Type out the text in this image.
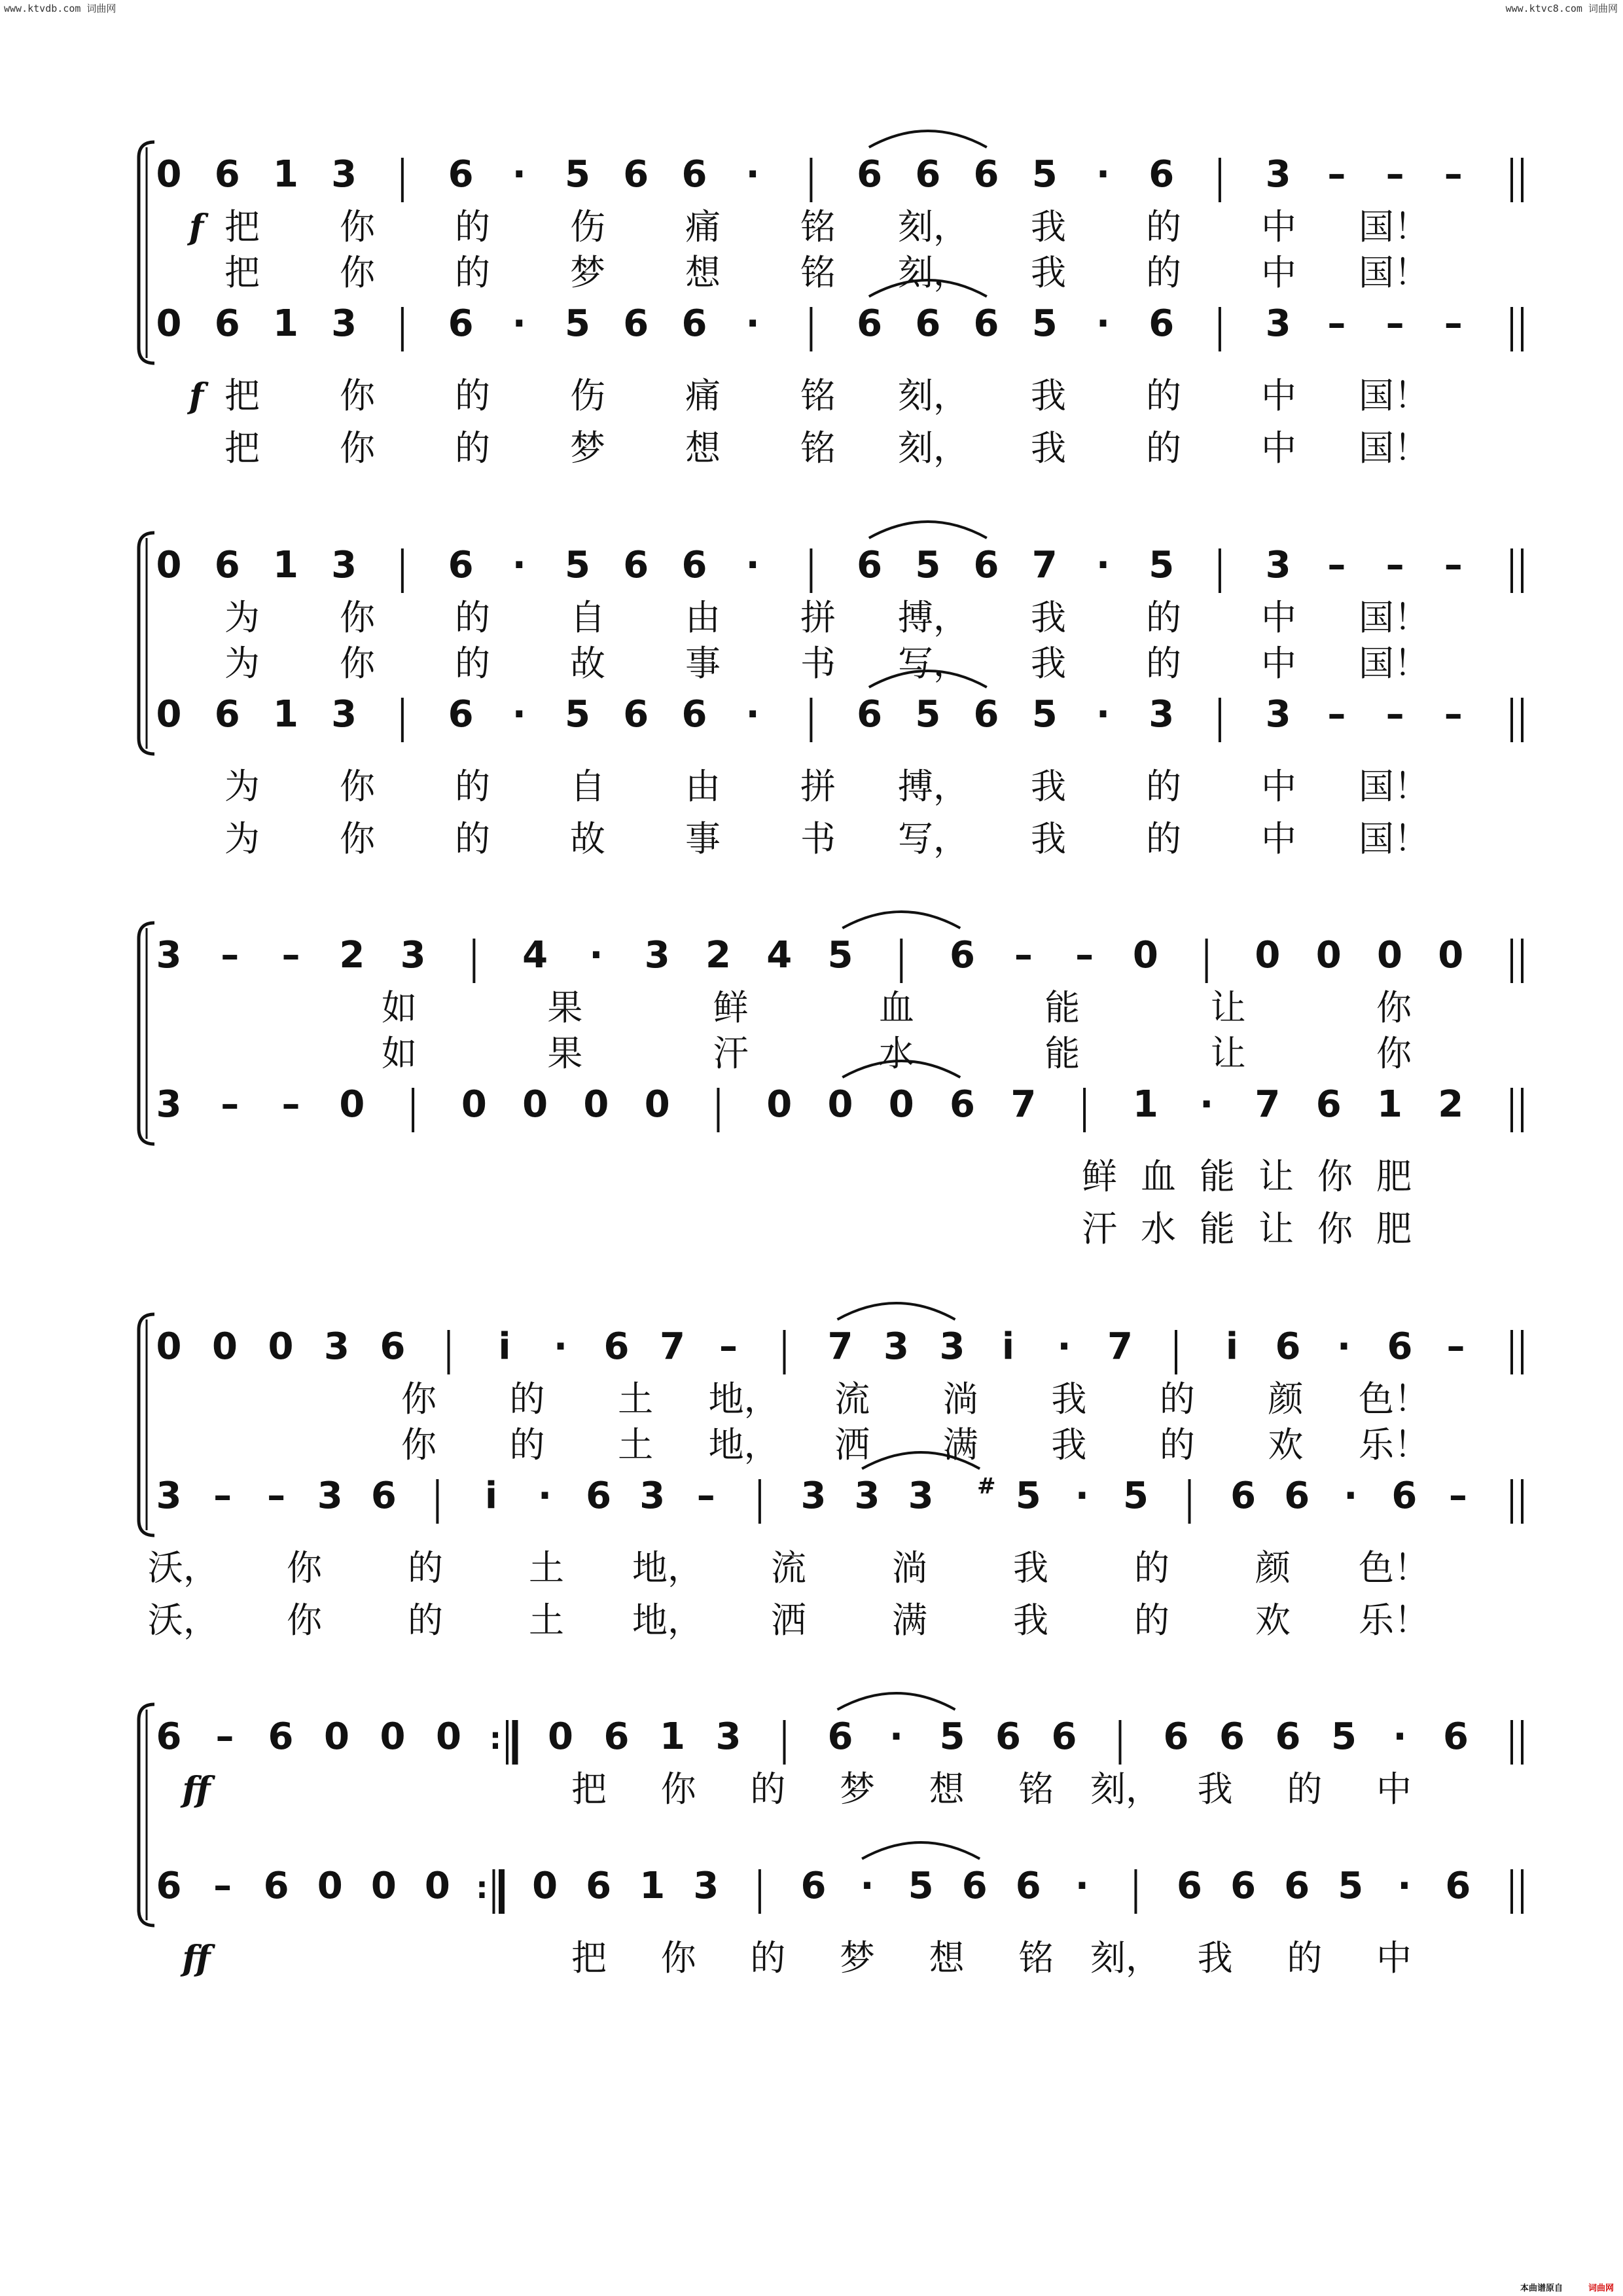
www.ktvdb.com 词曲网	www.ktvc8.com 词曲网
0 6 1 3 6 · 5 6 6 ·	6 6 6 5 · 6 3 – – –
f 把 你 的 伤 痛 铭 刻， 我 的 中 国！
把 你 的 梦 想 铭 刻， 我 的 中 国！
0 6 1 3 6 · 5 6 6 ·	6 6 6 5 · 6 3 – – –
f 把 你 的 伤 痛 铭 刻， 我 的 中 国！
把 你 的 梦 想 铭 刻， 我 的 中 国！
0 6 1 3 6 · 5 6 6 ·	6 5 6 7 · 5 3 – – –
为 你 的 自 由 拼 搏， 我 的 中 国！
为 你 的 故 事 书 写， 我 的 中 国！
0 6 1 3 6 · 5 6 6 ·	6 5 6 5 · 3 3 – – –
为 你 的 自 由 拼 搏， 我 的 中 国！
为 你 的 故 事 书 写， 我 的 中 国！
3 – – 2 3	4 · 3 2 4 5	6 – – 0	0 0 0 0
如	果	鲜	血	能	让	你
如	果	汗	水	能	让	你
3 – – 0	0 0 0 0	0 0 0 6 7	1 · 7 6 1 2
鲜 血 能 让 你 肥
汗 水 能 让 你 肥
0 0 0 3 6	i · 6 7 – 7 3 3 i · 7	i 6 · 6 –
你 的 土 地， 流 淌 我 的 颜 色！
你 的 土 地， 洒 满 我 的 欢 乐！
3 – – 3 6 i · 6 3 – 3 3 3 # 5 · 5 6 6 · 6 –
沃， 你 的 土 地， 流 淌 我 的 颜 色！
沃， 你 的 土 地， 洒 满 我 的 欢 乐！
6 – 6 0 0 0 : 0 6 1 3 6 · 5 6 6 6 6 6 5 · 6
ff	把 你 的 梦 想 铭 刻， 我 的 中
6 – 6 0 0 0 : 0 6 1 3 6 · 5 6 6 · 6 6 6 5 · 6
ff	把 你 的 梦 想 铭 刻， 我 的 中
本曲谱原自	词曲网
